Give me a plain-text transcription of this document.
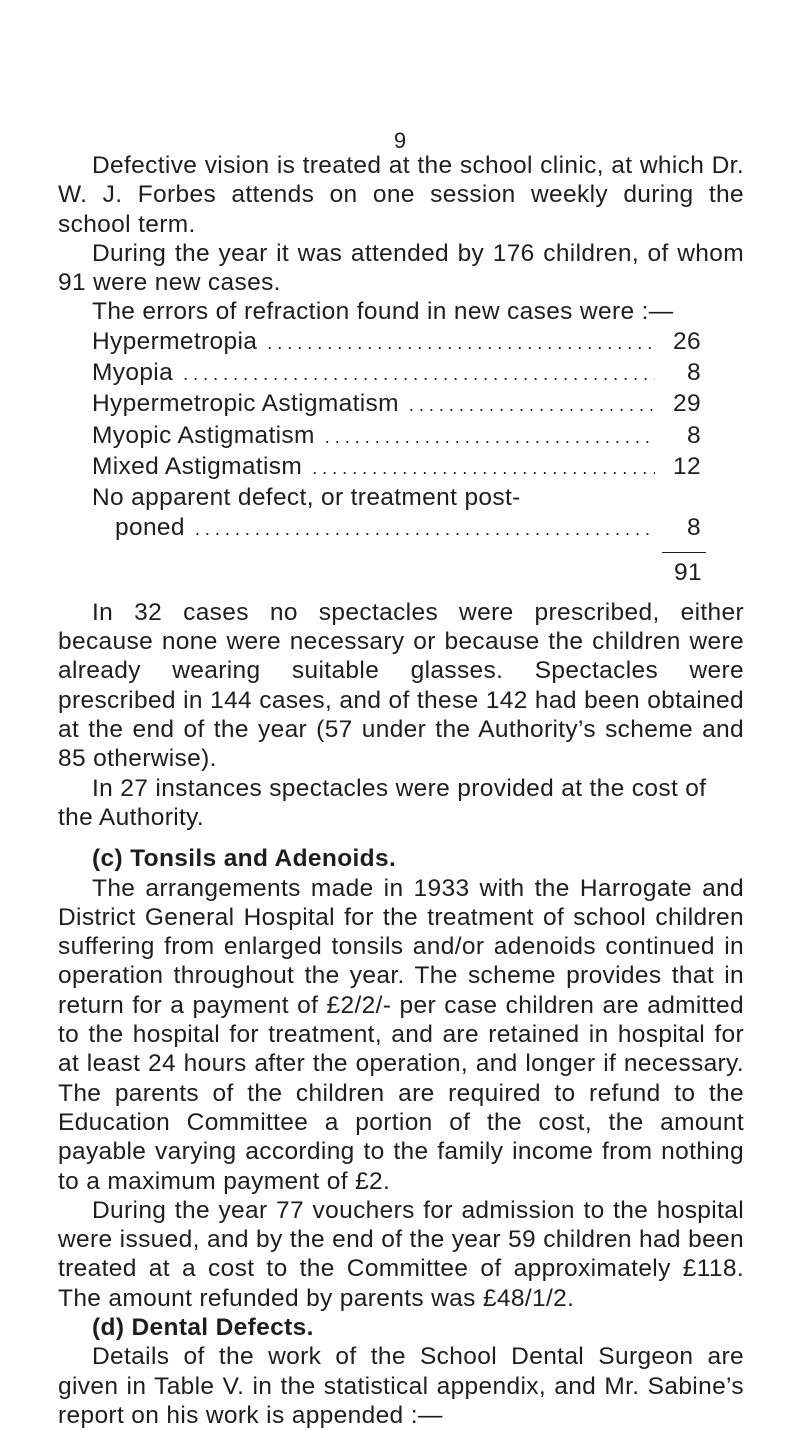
9

Defective vision is treated at the school clinic, at which Dr. W. J. Forbes attends on one session weekly during the school term.

During the year it was attended by 176 children, of whom 91 were new cases.

The errors of refraction found in new cases were :—

Hypermetropia . . .	26
Myopia . . .	8
Hypermetropic Astigmatism . . .	29
Myopic Astigmatism . . .	8
Mixed Astigmatism . . .	12
No apparent defect, or treatment post-
poned . . .	8
91

In 32 cases no spectacles were prescribed, either because none were necessary or because the children were already wearing suitable glasses. Spectacles were prescribed in 144 cases, and of these 142 had been obtained at the end of the year (57 under the Authority’s scheme and 85 otherwise).

In 27 instances spectacles were provided at the cost of the Authority.

(c) Tonsils and Adenoids.

The arrangements made in 1933 with the Harrogate and District General Hospital for the treatment of school children suffering from enlarged tonsils and/or adenoids continued in operation throughout the year. The scheme provides that in return for a payment of £2/2/- per case children are admitted to the hospital for treatment, and are retained in hospital for at least 24 hours after the operation, and longer if necessary. The parents of the children are required to refund to the Education Committee a portion of the cost, the amount payable varying according to the family income from nothing to a maximum payment of £2.

During the year 77 vouchers for admission to the hospital were issued, and by the end of the year 59 children had been treated at a cost to the Committee of approximately £118. The amount refunded by parents was £48/1/2.

(d) Dental Defects.

Details of the work of the School Dental Surgeon are given in Table V. in the statistical appendix, and Mr. Sabine’s report on his work is appended :—
